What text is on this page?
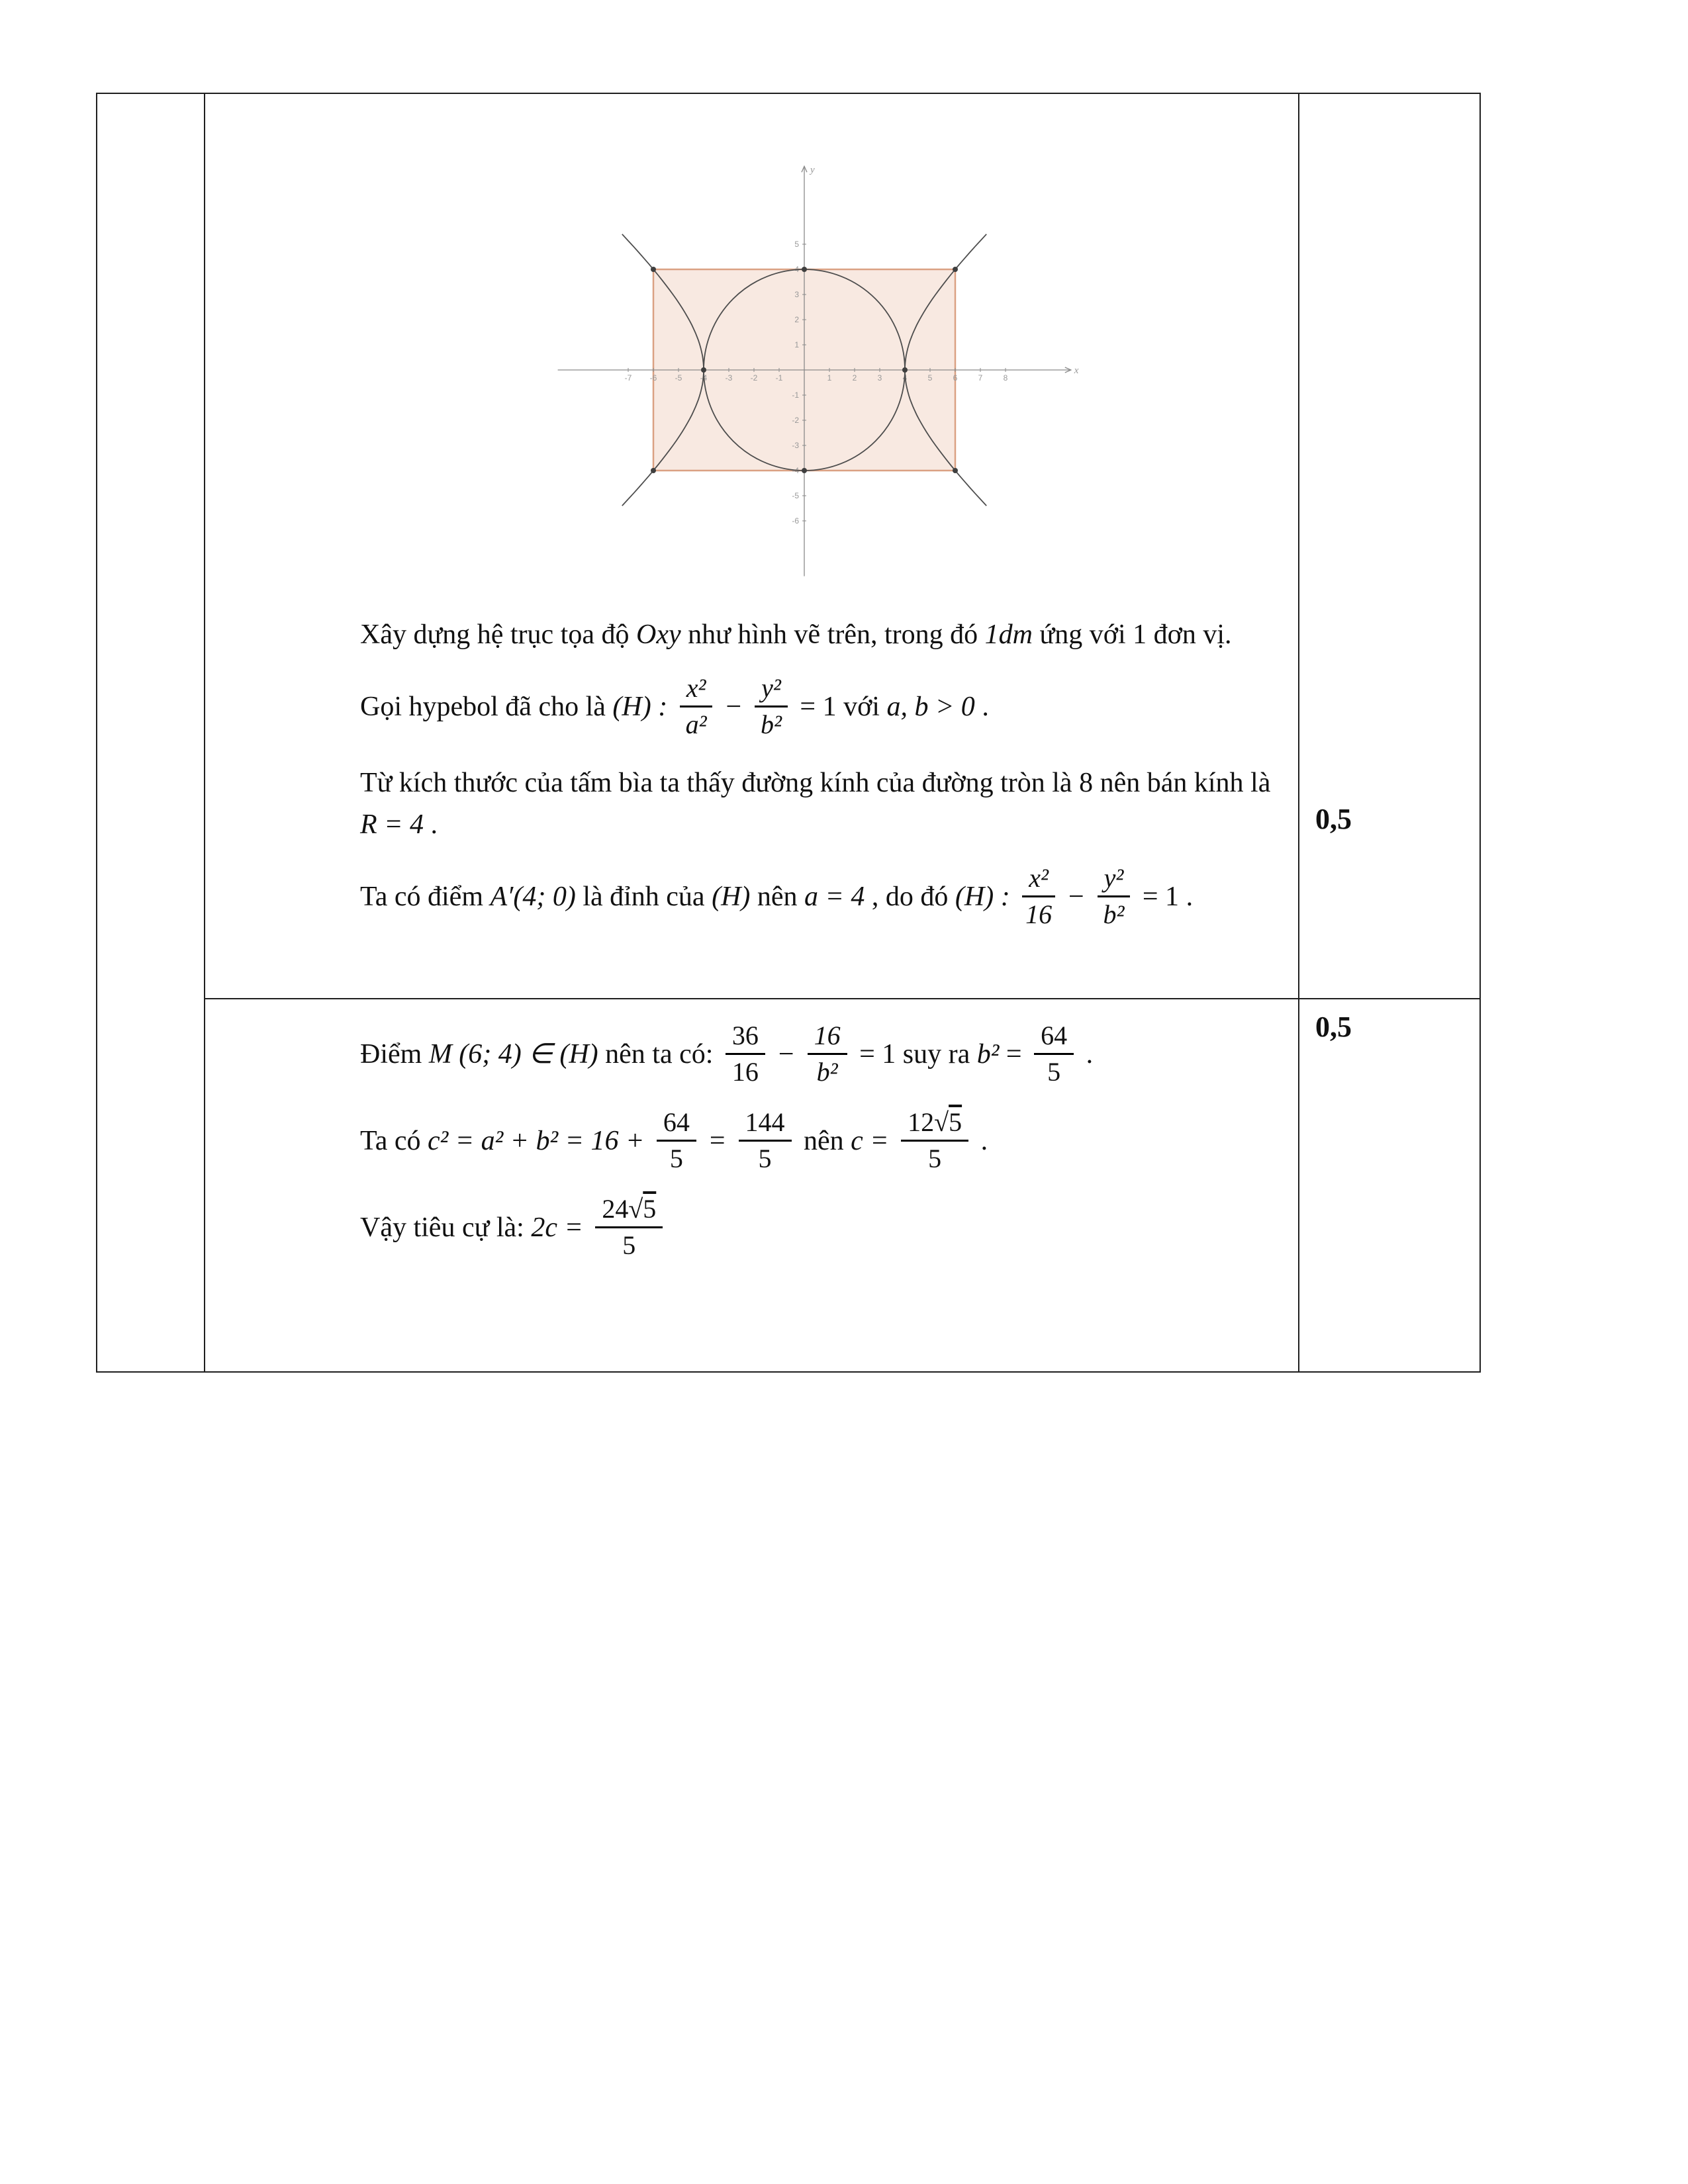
-7 -6 -5 -4 -3 -2 -1	1	2	3	4	5	6	7	8
-6
-5
-4
-3
-2
-1
1
2
3
4
5
x
y

Xây dựng hệ trục tọa độ Oxy như hình vẽ trên, trong đó 1dm ứng với 1 đơn vị.

Gọi hypebol đã cho là (H) : $\frac{\text{x²}}{\text{a²}} - \frac{\text{y²}}{\text{b²}} = 1$ với a, b > 0 .

Từ kích thước của tấm bìa ta thấy đường kính của đường tròn là 8 nên bán kính là R = 4 .

Ta có điểm A′(4; 0) là đỉnh của (H) nên a = 4 , do đó (H) : $\frac{\text{x²}}{16} - \frac{\text{y²}}{\text{b²}} = 1$ .

0,5

Điểm M (6; 4) ∈ (H) nên ta có: $\frac{36}{16} - \frac{16}{\text{b²}} = 1$ suy ra $b^2 = \frac{64}{5}$ .

Ta có $c^2 = a^2 + b^2 = 16 + \frac{64}{5} = \frac{144}{5}$ nên $c = \frac{12√5}{5}$ .

Vậy tiêu cự là: $2c = \frac{24√5}{5}$

0,5
